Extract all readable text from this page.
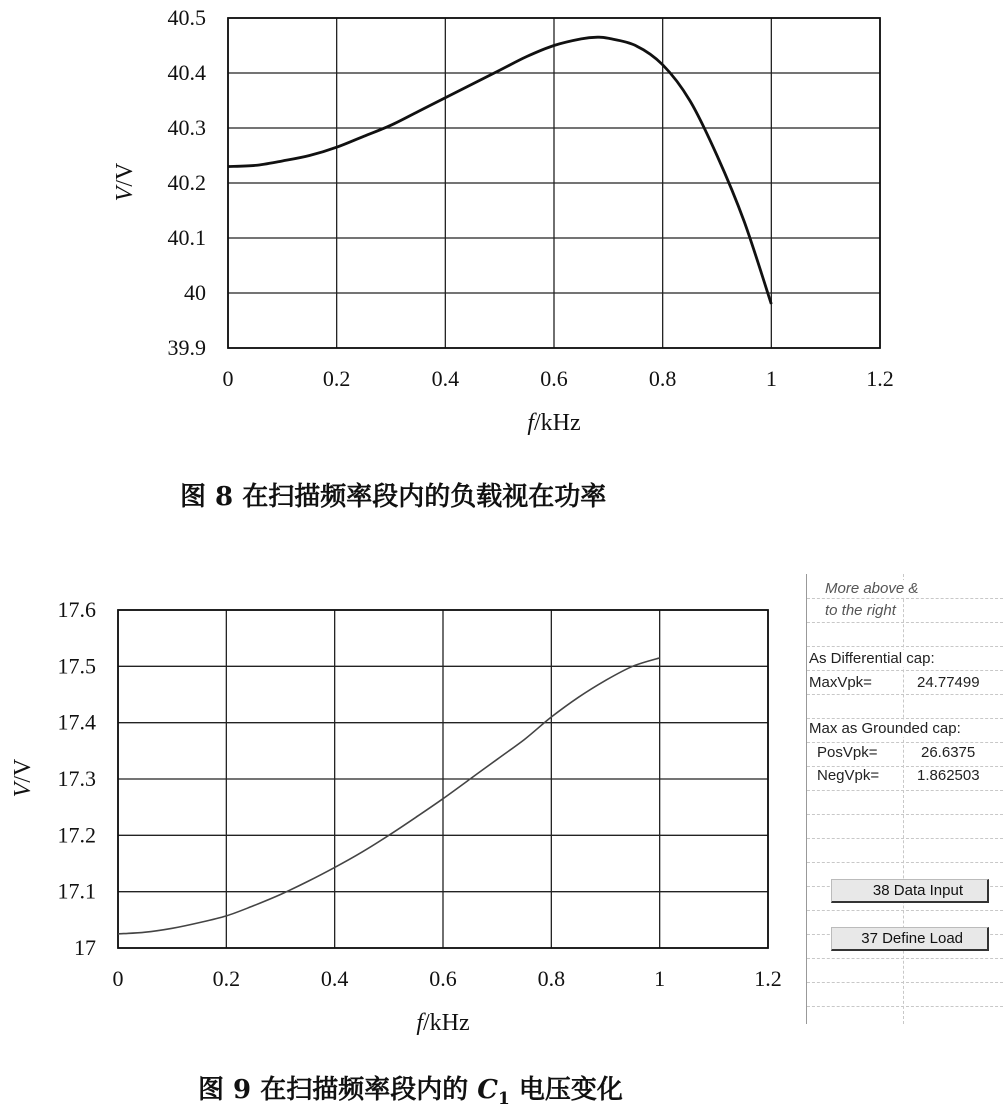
39.9
40
40.1
40.2
40.3
40.4
40.5
0	0.2	0.4	0.6	0.8	1	1.2
f/kHz
V/V
图 8 在扫描频率段内的负载视在功率
17
17.1
17.2
17.3
17.4
17.5
17.6
0	0.2	0.4	0.6	0.8	1	1.2
f/kHz
V/V
图 9 在扫描频率段内的 $C_1$ 电压变化
More above &
to the right
As Differential cap:
MaxVpk=	24.77499
Max as Grounded cap:
PosVpk=	26.6375
NegVpk=	1.862503
38 Data Input
37 Define Load
